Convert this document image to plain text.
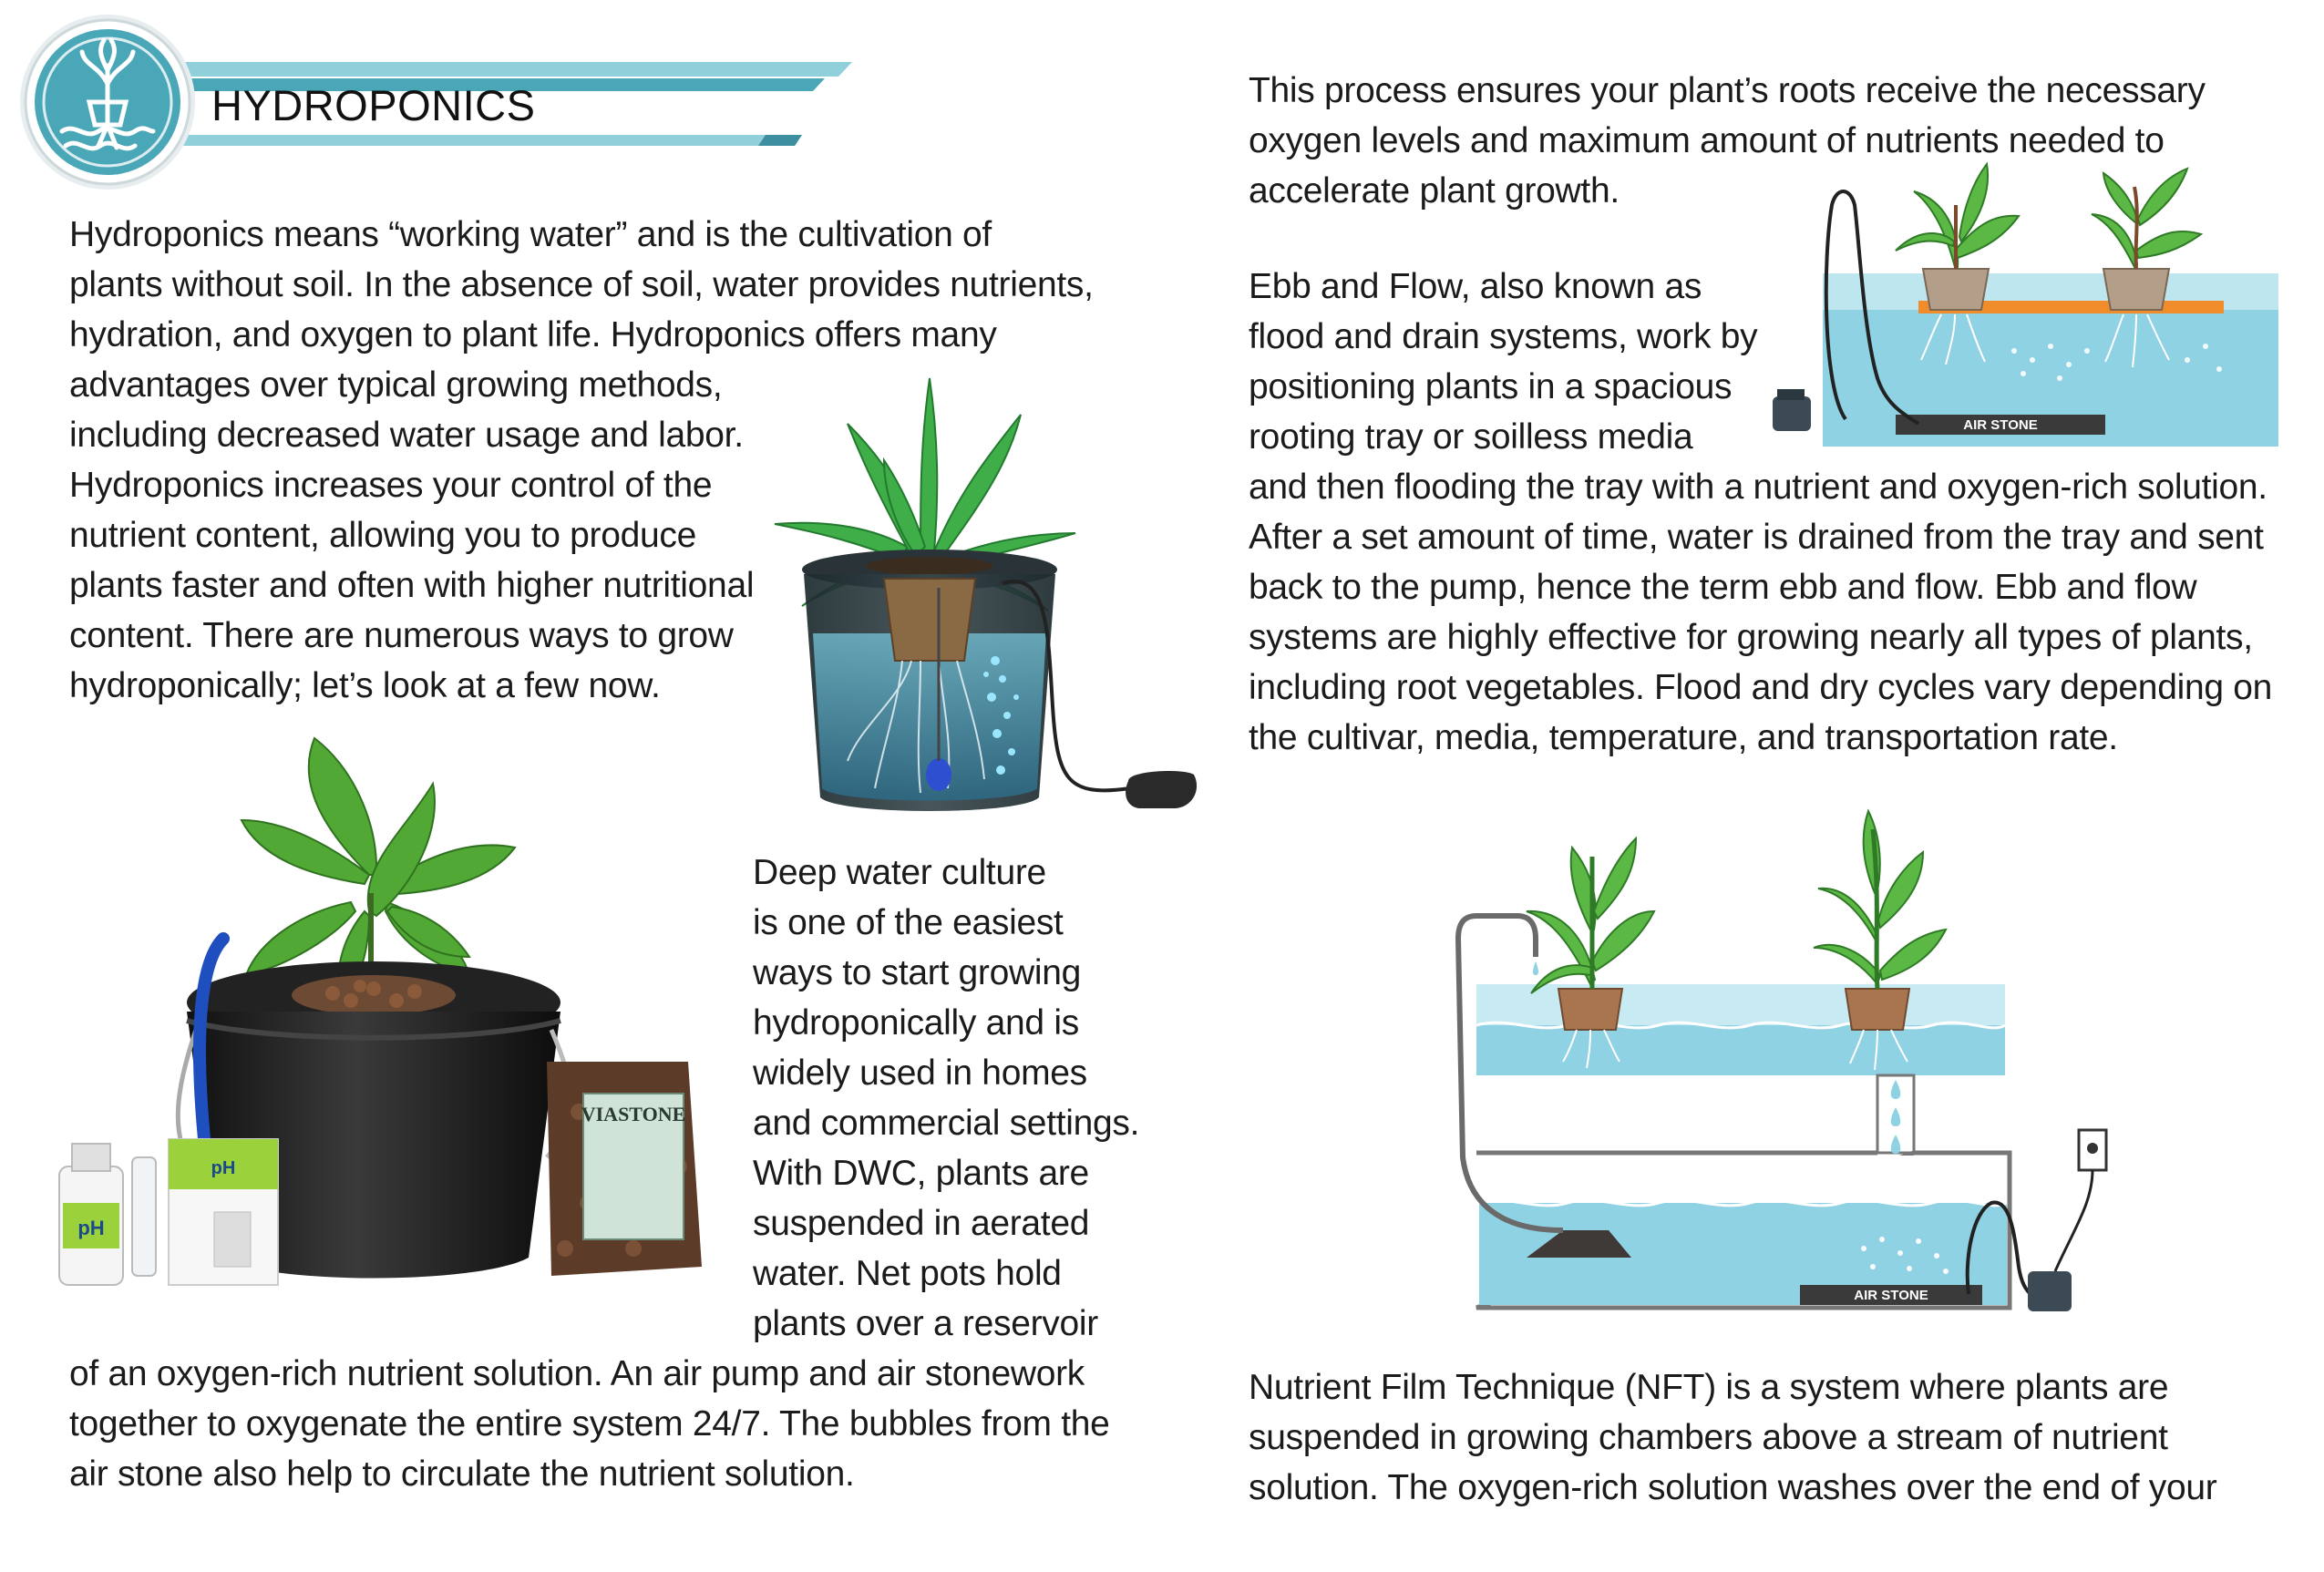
HYDROPONICS
Hydroponics means “working water” and is the cultivation of
plants without soil. In the absence of soil, water provides nutrients,
hydration, and oxygen to plant life. Hydroponics offers many
advantages over typical growing methods,
including decreased water usage and labor.
Hydroponics increases your control of the
nutrient content, allowing you to produce
plants faster and often with higher nutritional
content. There are numerous ways to grow
hydroponically; let’s look at a few now.
pH
pH
VIASTONE
Deep water culture
is one of the easiest
ways to start growing
hydroponically and is
widely used in homes
and commercial settings.
With DWC, plants are
suspended in aerated
water. Net pots hold
plants over a reservoir
of an oxygen-rich nutrient solution. An air pump and air stonework
together to oxygenate the entire system 24/7. The bubbles from the
air stone also help to circulate the nutrient solution.
This process ensures your plant’s roots receive the necessary
oxygen levels and maximum amount of nutrients needed to
accelerate plant growth.
AIR STONE
Ebb and Flow, also known as
flood and drain systems, work by
positioning plants in a spacious
rooting tray or soilless media
and then flooding the tray with a nutrient and oxygen-rich solution.
After a set amount of time, water is drained from the tray and sent
back to the pump, hence the term ebb and flow. Ebb and flow
systems are highly effective for growing nearly all types of plants,
including root vegetables. Flood and dry cycles vary depending on
the cultivar, media, temperature, and transportation rate.
AIR STONE
Nutrient Film Technique (NFT) is a system where plants are
suspended in growing chambers above a stream of nutrient
solution. The oxygen-rich solution washes over the end of your
